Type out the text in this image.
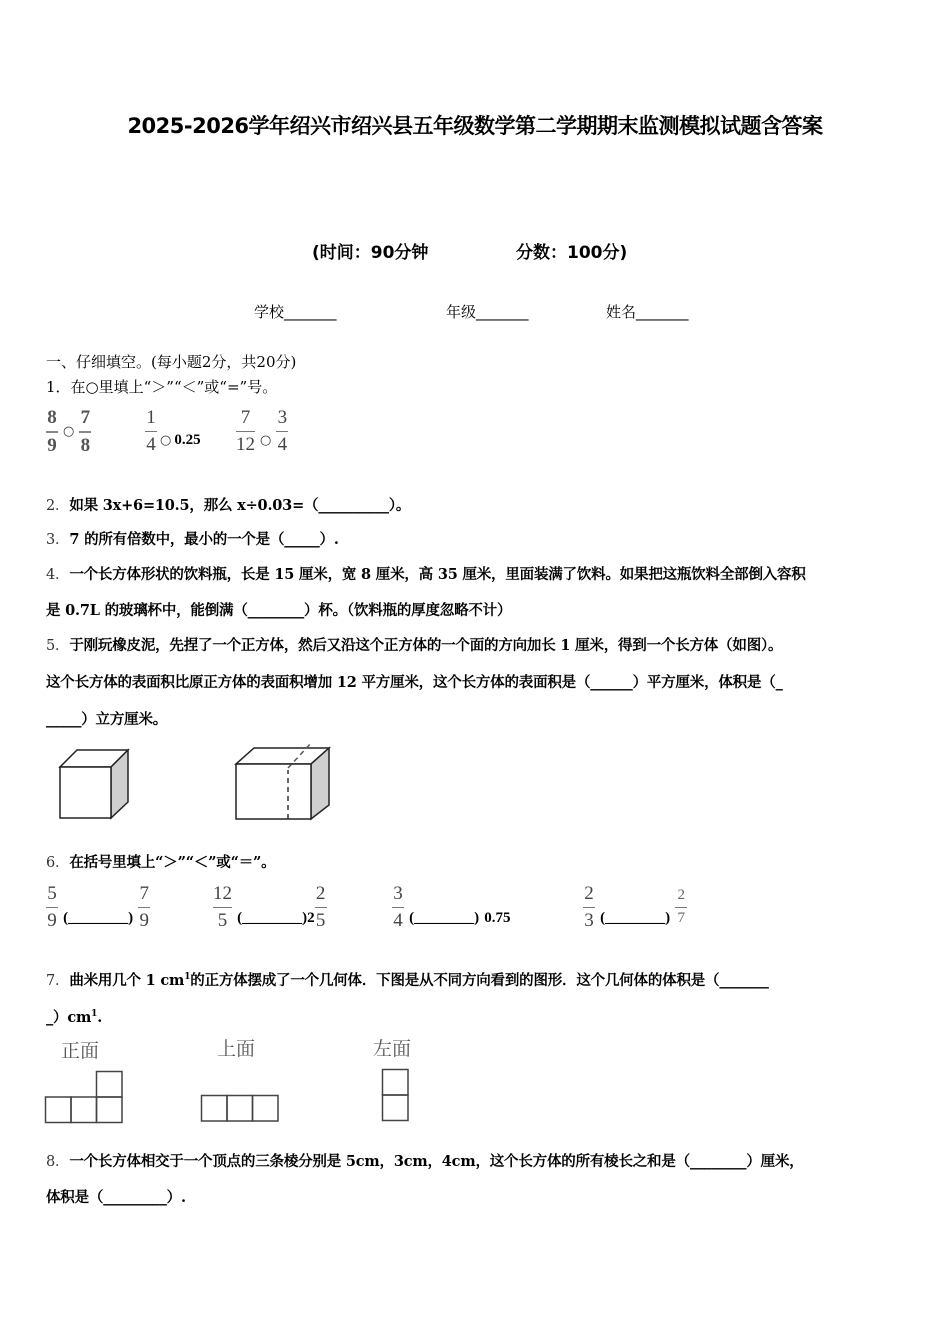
2025-2026学年绍兴市绍兴县五年级数学第二学期期末监测模拟试题含答案
(时间：90分钟	分数：100分)
学校_______	年级_______	姓名_______
一、仔细填空。(每小题2分，共20分)
1．在○里填上“＞”“＜”或“=”号。
$\frac{8}{9}$ ○ $\frac{7}{8}$	$\frac{1}{4} _○$ $0.25 \frac{7}{12} _○ \frac{3}{4}$
2．如果 3x+6=10.5，那么 x÷0.03=（__________）。
3．7 的所有倍数中，最小的一个是（_____）.
4．一个长方体形状的饮料瓶，长是 15 厘米，宽 8 厘米，高 35 厘米，里面装满了饮料。如果把这瓶饮料全部倒入容积
是 0.7L 的玻璃杯中，能倒满（________）杯。（饮料瓶的厚度忽略不计）
5．于刚玩橡皮泥，先捏了一个正方体，然后又沿这个正方体的一个面的方向加长 1 厘米，得到一个长方体（如图）。
这个长方体的表面积比原正方体的表面积增加 12 平方厘米，这个长方体的表面积是（______）平方厘米，体积是（_
_____）立方厘米。
6．在括号里填上“＞”“＜”或“＝”。
$\frac{5}{9}$ (________) $\frac{7}{9}$	$\frac{12}{5}$ (________)2 $\frac{2}{5}$	$\frac{3}{4}$ (________) 0.75	$\frac{2}{3}$ (________) $\frac{2}{7}$
7．曲米用几个 1 $cm^1$的正方体摆成了一个几何体．下图是从不同方向看到的图形．这个几何体的体积是（_______
$\_)cm^1$.
正面	上面	左面
8．一个长方体相交于一个顶点的三条棱分别是 5cm，3cm，4cm，这个长方体的所有棱长之和是（________）厘米，
体积是（_________）.
